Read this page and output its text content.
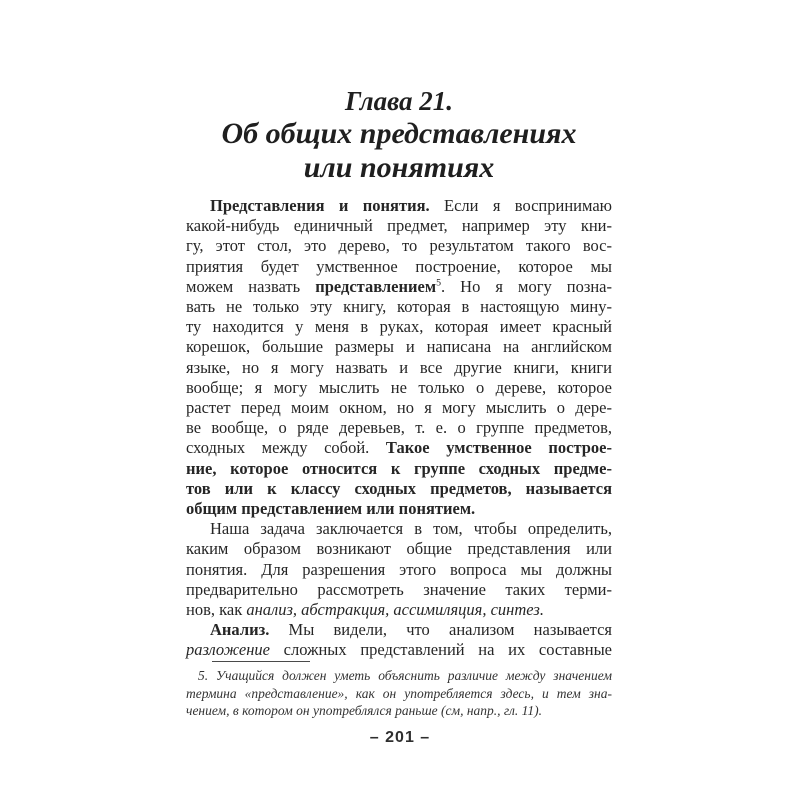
Глава 21.
Об общих представлениях
или понятиях
Представления и понятия. Если я воспринимаю
какой-нибудь единичный предмет, например эту кни-
гу, этот стол, это дерево, то результатом такого вос-
приятия будет умственное построение, которое мы
можем назвать представлением$^5$. Но я могу позна-
вать не только эту книгу, которая в настоящую мину-
ту находится у меня в руках, которая имеет красный
корешок, большие размеры и написана на английском
языке, но я могу назвать и все другие книги, книги
вообще; я могу мыслить не только о дереве, которое
растет перед моим окном, но я могу мыслить о дере-
ве вообще, о ряде деревьев, т. е. о группе предметов,
сходных между собой. Такое умственное построе-
ние, которое относится к группе сходных предме-
тов или к классу сходных предметов, называется
общим представлением или понятием.
Наша задача заключается в том, чтобы определить,
каким образом возникают общие представления или
понятия. Для разрешения этого вопроса мы должны
предварительно рассмотреть значение таких терми-
нов, как анализ, абстракция, ассимиляция, синтез.
Анализ. Мы видели, что анализом называется
разложение сложных представлений на их составные
5. Учащийся должен уметь объяснить различие между значением
термина «представление», как он употребляется здесь, и тем зна-
чением, в котором он употреблялся раньше (см, напр., гл. 11).
– 201 –
